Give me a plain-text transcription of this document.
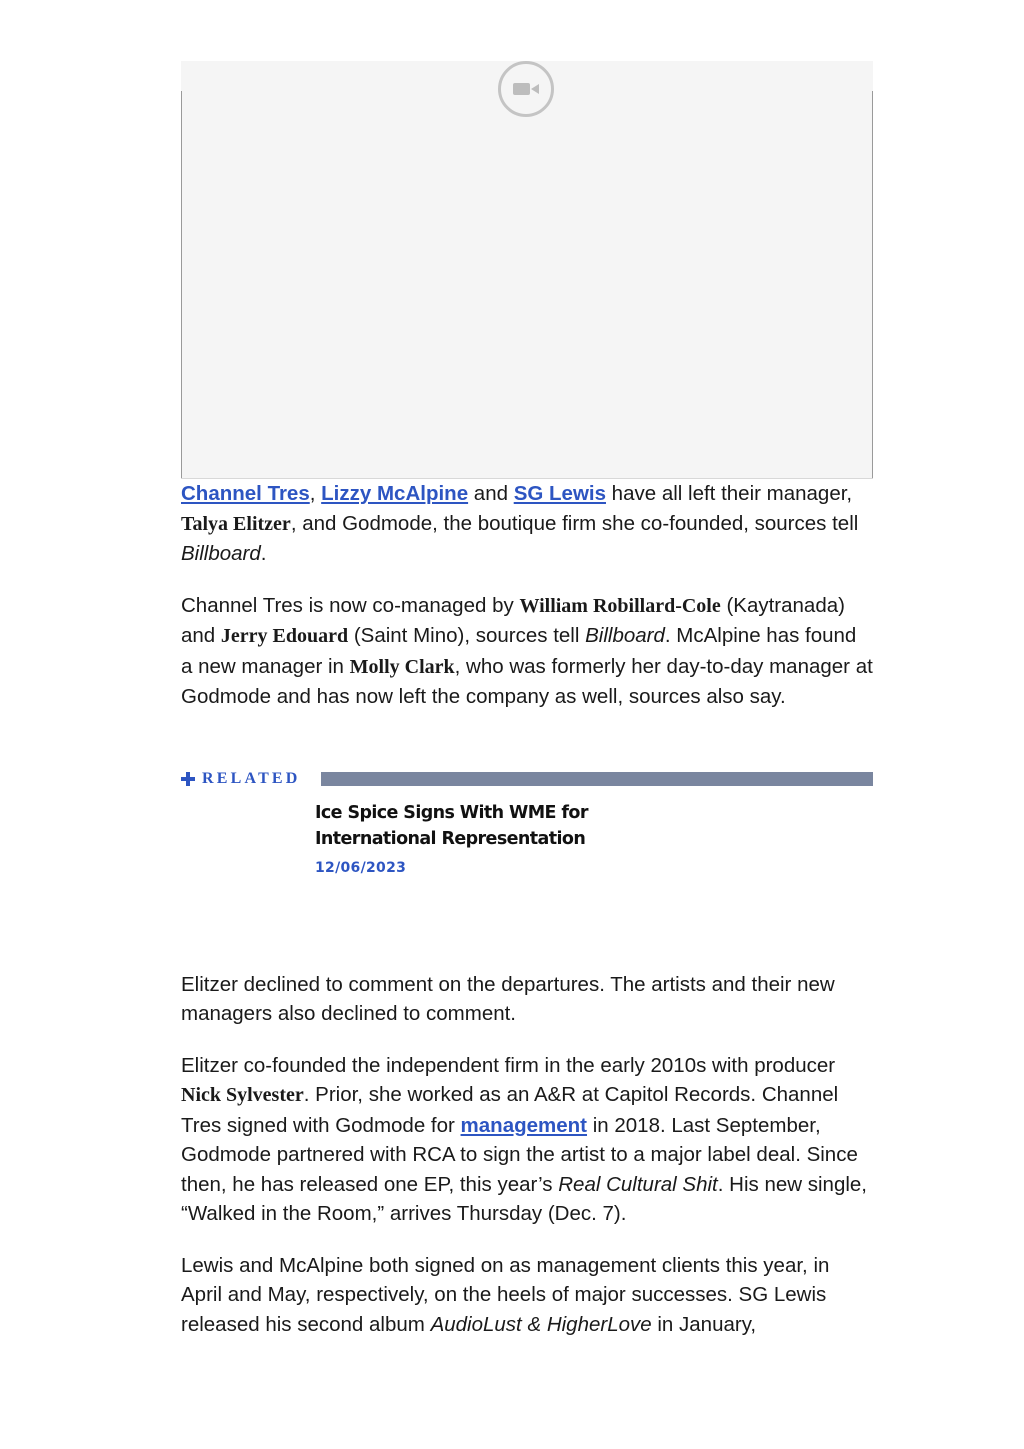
Channel Tres, Lizzy McAlpine and SG Lewis have all left their manager, Talya Elitzer, and Godmode, the boutique firm she co-founded, sources tell Billboard.

Channel Tres is now co-managed by William Robillard-Cole (Kaytranada) and Jerry Edouard (Saint Mino), sources tell Billboard. McAlpine has found a new manager in Molly Clark, who was formerly her day-to-day manager at Godmode and has now left the company as well, sources also say.

RELATED
Ice Spice Signs With WME for International Representation
12/06/2023

Elitzer declined to comment on the departures. The artists and their new managers also declined to comment.

Elitzer co-founded the independent firm in the early 2010s with producer Nick Sylvester. Prior, she worked as an A&R at Capitol Records. Channel Tres signed with Godmode for management in 2018. Last September, Godmode partnered with RCA to sign the artist to a major label deal. Since then, he has released one EP, this year’s Real Cultural Shit. His new single, “Walked in the Room,” arrives Thursday (Dec. 7).

Lewis and McAlpine both signed on as management clients this year, in April and May, respectively, on the heels of major successes. SG Lewis released his second album AudioLust & HigherLove in January,
